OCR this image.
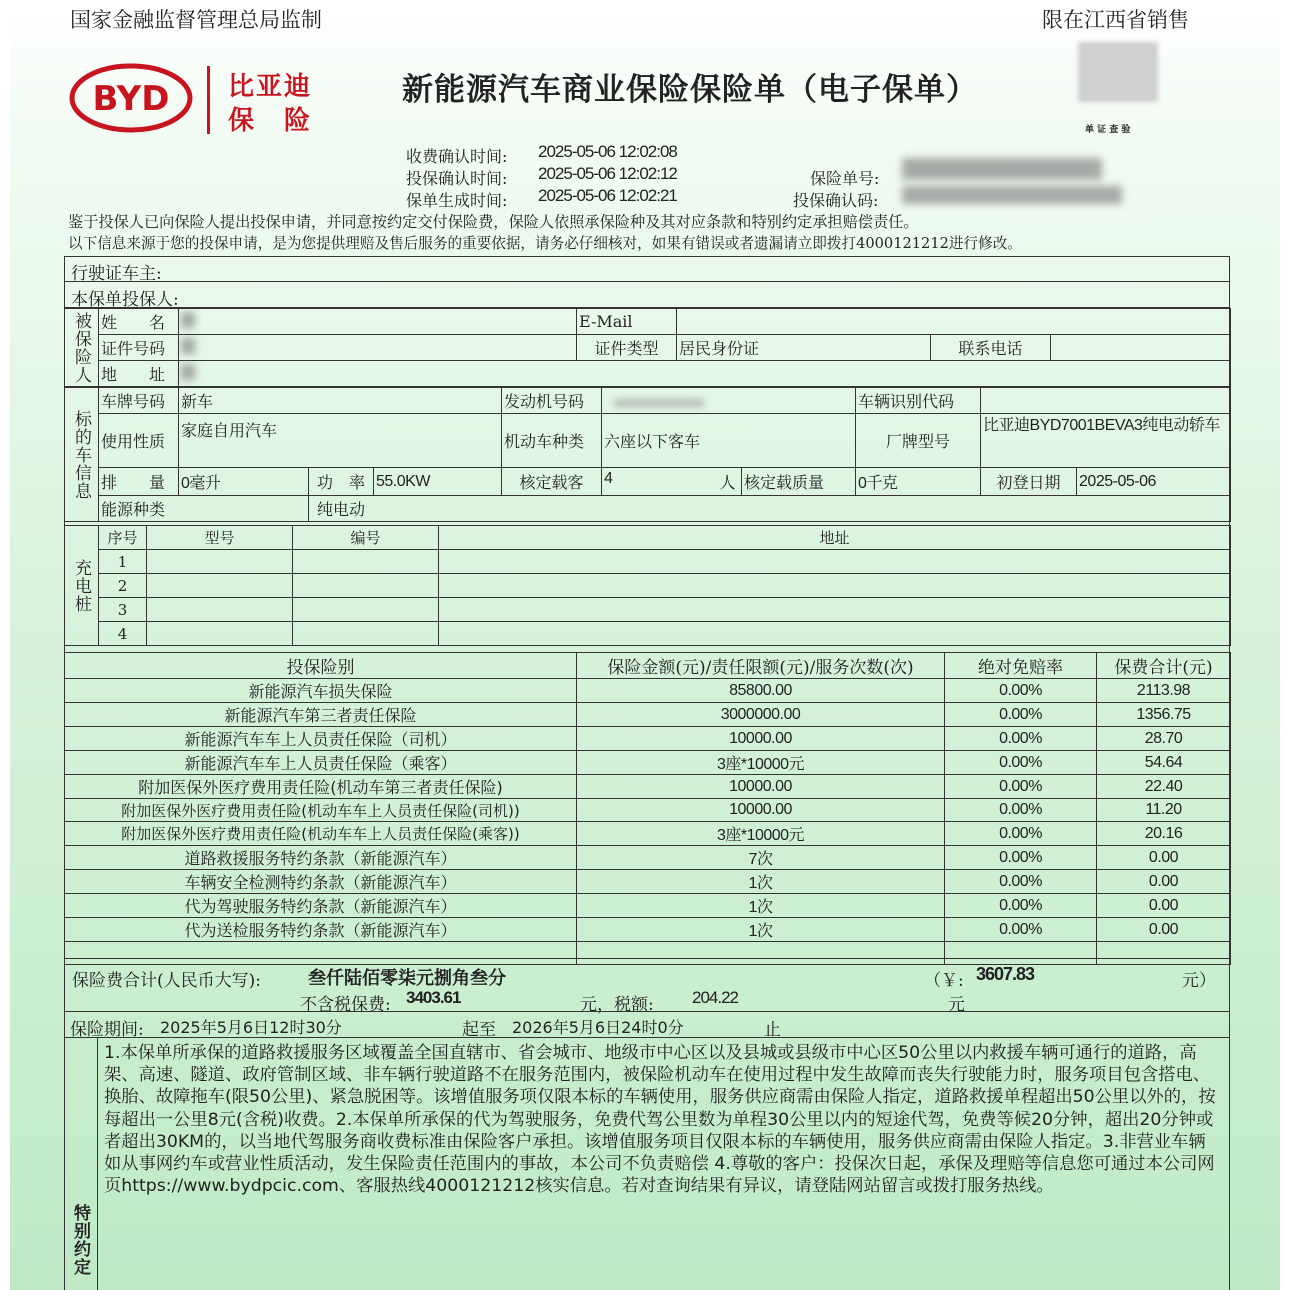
国家金融监督管理总局监制	限在江西省销售
BYD 比亚迪
保　险
新能源汽车商业保险保险单（电子保单）
单 证 查 验
收费确认时间: 2025-05-06 12:02:08
投保确认时间: 2025-05-06 12:02:12
保单生成时间: 2025-05-06 12:02:21
保险单号:
投保确认码:
鉴于投保人已向保险人提出投保申请，并同意按约定交付保险费，保险人依照承保险种及其对应条款和特别约定承担赔偿责任。
以下信息来源于您的投保申请，是为您提供理赔及售后服务的重要依据，请务必仔细核对，如果有错误或者遗漏请立即拨打4000121212进行修改。
行驶证车主:
本保单投保人:
被保险人	姓　　名		E-Mail			
	证件号码		证件类型	居民身份证	联系电话	
	地　　址					
标的车信息	车牌号码	新车			发动机号码			车辆识别代码		
	使用性质	家庭自用汽车			机动车种类	六座以下客车		厂牌型号	比亚迪BYD7001BEVA3纯电动轿车	
	排　　量	0毫升	功　率	55.0KW	核定载客	4 人	核定载质量	0千克	初登日期	2025-05-06
	能源种类		纯电动							
充电桩	序号	型号	编号	地址
	1			
	2			
	3			
	4			
投保险别	保险金额(元)/责任限额(元)/服务次数(次)	绝对免赔率	保费合计(元)
新能源汽车损失保险	85800.00	0.00%	2113.98
新能源汽车第三者责任保险	3000000.00	0.00%	1356.75
新能源汽车车上人员责任保险（司机）	10000.00	0.00%	28.70
新能源汽车车上人员责任保险（乘客）	3座*10000元	0.00%	54.64
附加医保外医疗费用责任险(机动车第三者责任保险)	10000.00	0.00%	22.40
附加医保外医疗费用责任险(机动车车上人员责任保险(司机))	10000.00	0.00%	11.20
附加医保外医疗费用责任险(机动车车上人员责任保险(乘客))	3座*10000元	0.00%	20.16
道路救援服务特约条款（新能源汽车）	7次	0.00%	0.00
车辆安全检测特约条款（新能源汽车）	1次	0.00%	0.00
代为驾驶服务特约条款（新能源汽车）	1次	0.00%	0.00
代为送检服务特约条款（新能源汽车）	1次	0.00%	0.00

保险费合计(人民币大写):	叁仟陆佰零柒元捌角叁分	（￥: 3607.83	元）
不含税保费: 3403.61	元，税额: 204.22	元
保险期间: 2025年5月6日12时30分	起至 2026年5月6日24时0分	止
特别约定
1.本保单所承保的道路救援服务区域覆盖全国直辖市、省会城市、地级市中心区以及县城或县级市中心区50公里以内救援车辆可通行的道路，高架、高速、隧道、政府管制区域、非车辆行驶道路不在服务范围内，被保险机动车在使用过程中发生故障而丧失行驶能力时，服务项目包含搭电、换胎、故障拖车(限50公里)、紧急脱困等。该增值服务项仅限本标的车辆使用，服务供应商需由保险人指定，道路救援单程超出50公里以外的，按每超出一公里8元(含税)收费。2.本保单所承保的代为驾驶服务，免费代驾公里数为单程30公里以内的短途代驾，免费等候20分钟，超出20分钟或者超出30KM的，以当地代驾服务商收费标准由保险客户承担。该增值服务项目仅限本标的车辆使用，服务供应商需由保险人指定。3.非营业车辆如从事网约车或营业性质活动，发生保险责任范围内的事故，本公司不负责赔偿 4.尊敬的客户：投保次日起，承保及理赔等信息您可通过本公司网页https://www.bydpcic.com、客服热线4000121212核实信息。若对查询结果有异议，请登陆网站留言或拨打服务热线。
